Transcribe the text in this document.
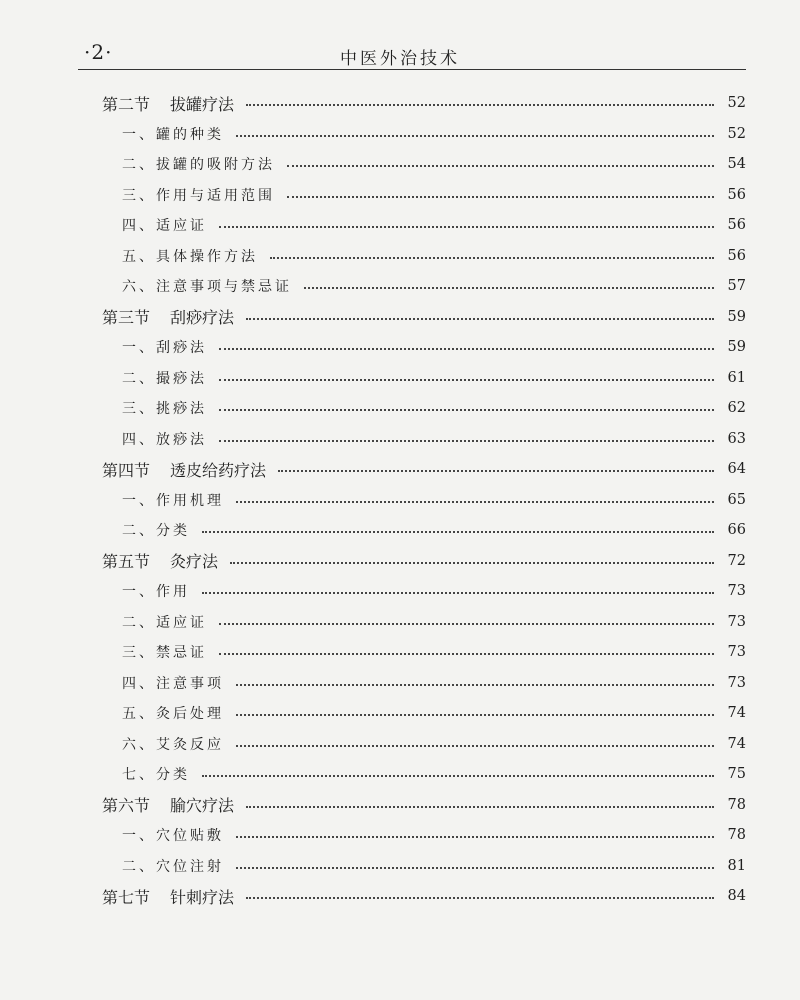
·2·	中医外治技术
第二节 拔罐疗法	52
一、罐的种类	52
二、拔罐的吸附方法	54
三、作用与适用范围	56
四、适应证	56
五、具体操作方法	56
六、注意事项与禁忌证	57
第三节 刮痧疗法	59
一、刮痧法	59
二、撮痧法	61
三、挑痧法	62
四、放痧法	63
第四节 透皮给药疗法	64
一、作用机理	65
二、分类	66
第五节 灸疗法	72
一、作用	73
二、适应证	73
三、禁忌证	73
四、注意事项	73
五、灸后处理	74
六、艾灸反应	74
七、分类	75
第六节 腧穴疗法	78
一、穴位贴敷	78
二、穴位注射	81
第七节 针刺疗法	84
